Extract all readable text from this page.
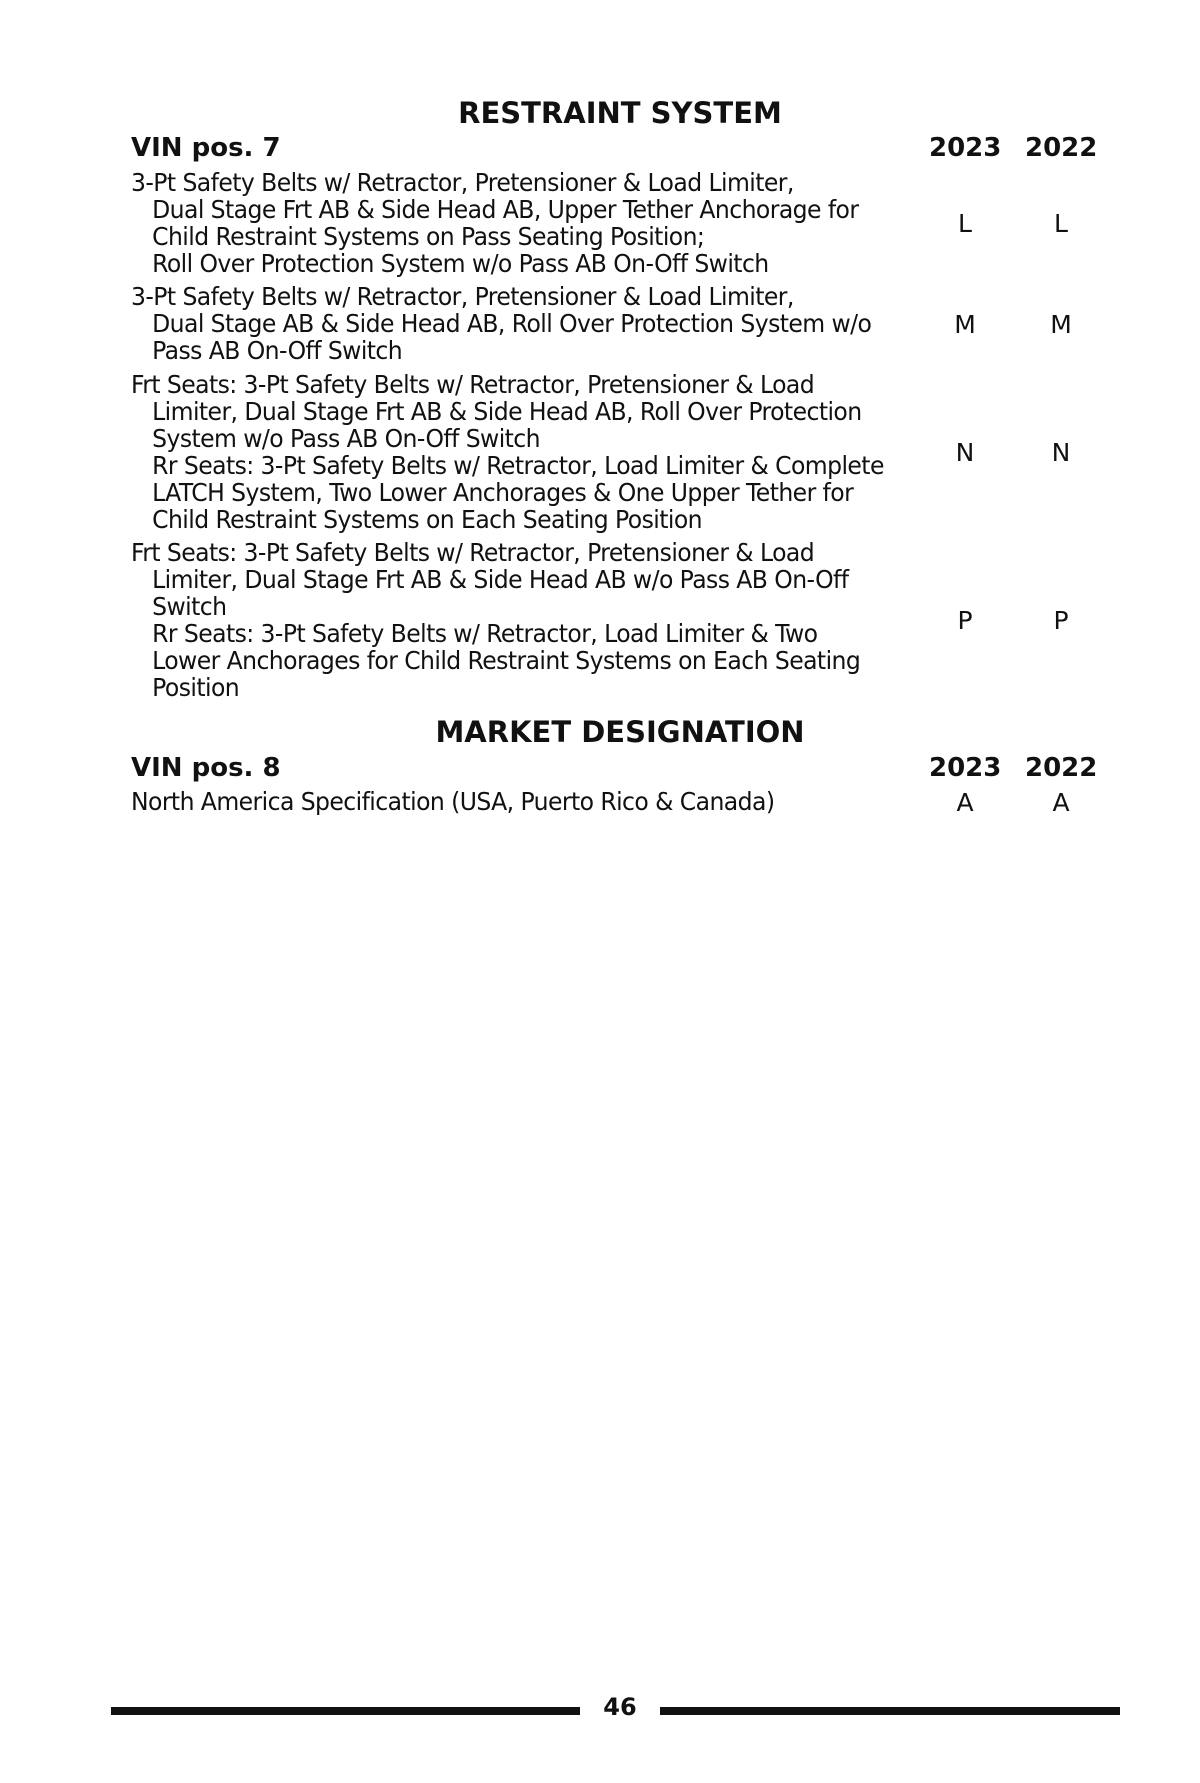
RESTRAINT SYSTEM
VIN pos. 7	2023 2022
3-Pt Safety Belts w/ Retractor, Pretensioner & Load Limiter,
Dual Stage Frt AB & Side Head AB, Upper Tether Anchorage for
Child Restraint Systems on Pass Seating Position;
Roll Over Protection System w/o Pass AB On-Off Switch
L	L
3-Pt Safety Belts w/ Retractor, Pretensioner & Load Limiter,
Dual Stage AB & Side Head AB, Roll Over Protection System w/o
Pass AB On-Off Switch
M	M
Frt Seats: 3-Pt Safety Belts w/ Retractor, Pretensioner & Load
Limiter, Dual Stage Frt AB & Side Head AB, Roll Over Protection
System w/o Pass AB On-Off Switch
Rr Seats: 3-Pt Safety Belts w/ Retractor, Load Limiter & Complete
LATCH System, Two Lower Anchorages & One Upper Tether for
Child Restraint Systems on Each Seating Position
N	N
Frt Seats: 3-Pt Safety Belts w/ Retractor, Pretensioner & Load
Limiter, Dual Stage Frt AB & Side Head AB w/o Pass AB On-Off
Switch
Rr Seats: 3-Pt Safety Belts w/ Retractor, Load Limiter & Two
Lower Anchorages for Child Restraint Systems on Each Seating
Position
P	P
MARKET DESIGNATION
VIN pos. 8	2023 2022
North America Specification (USA, Puerto Rico & Canada)	A	A
46
